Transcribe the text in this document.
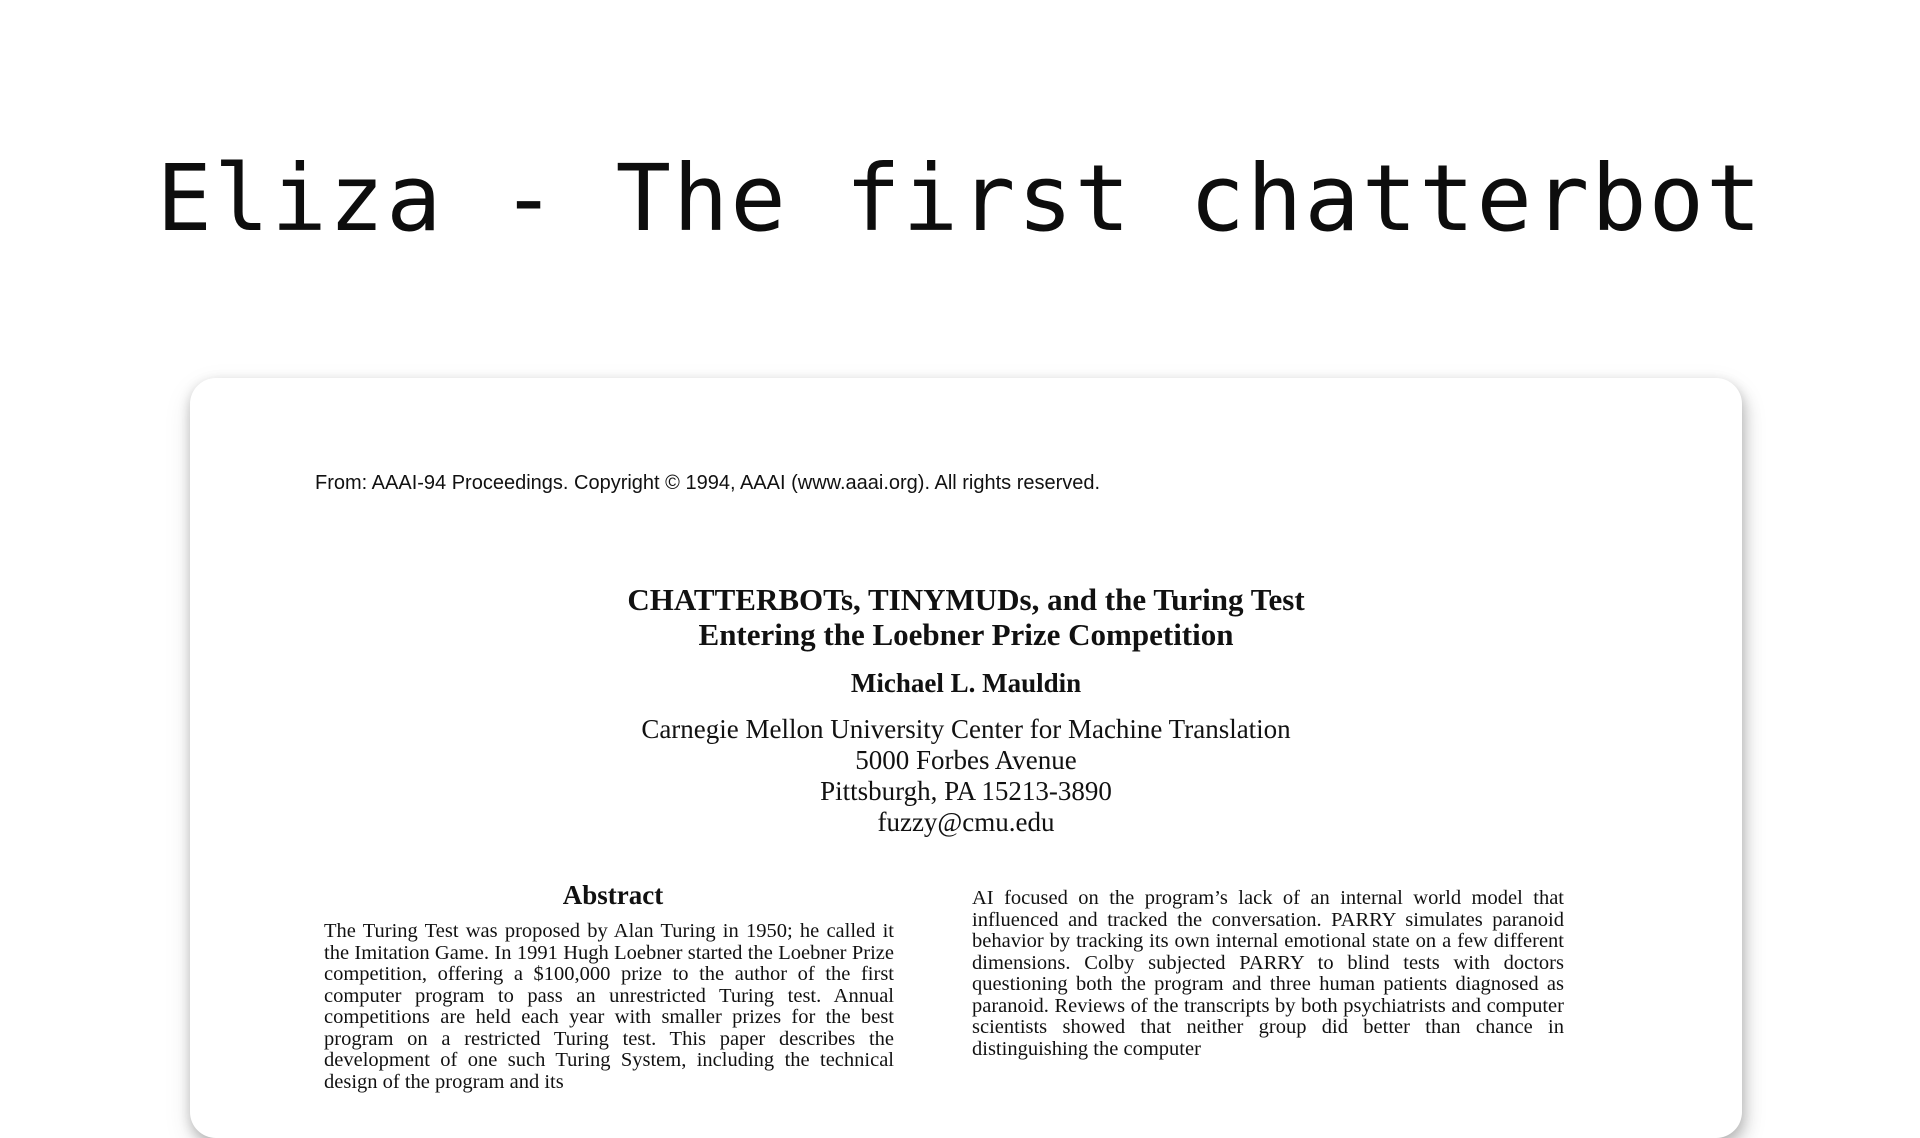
Eliza - The first chatterbot
From: AAAI-94 Proceedings. Copyright © 1994, AAAI (www.aaai.org). All rights reserved.
CHATTERBOTs, TINYMUDs, and the Turing Test
Entering the Loebner Prize Competition
Michael L. Mauldin
Carnegie Mellon University Center for Machine Translation
5000 Forbes Avenue
Pittsburgh, PA 15213-3890
fuzzy@cmu.edu
Abstract

The Turing Test was proposed by Alan Turing in 1950; he called it the Imitation Game. In 1991 Hugh Loebner started the Loebner Prize competition, offering a $100,000 prize to the author of the first computer program to pass an unrestricted Turing test. Annual competitions are held each year with smaller prizes for the best program on a restricted Turing test. This paper describes the development of one such Turing System, including the technical design of the program and its

AI focused on the program’s lack of an internal world model that influenced and tracked the conversation. PARRY simulates paranoid behavior by tracking its own internal emotional state on a few different dimensions. Colby subjected PARRY to blind tests with doctors questioning both the program and three human patients diagnosed as paranoid. Reviews of the transcripts by both psychiatrists and computer scientists showed that neither group did better than chance in distinguishing the computer
